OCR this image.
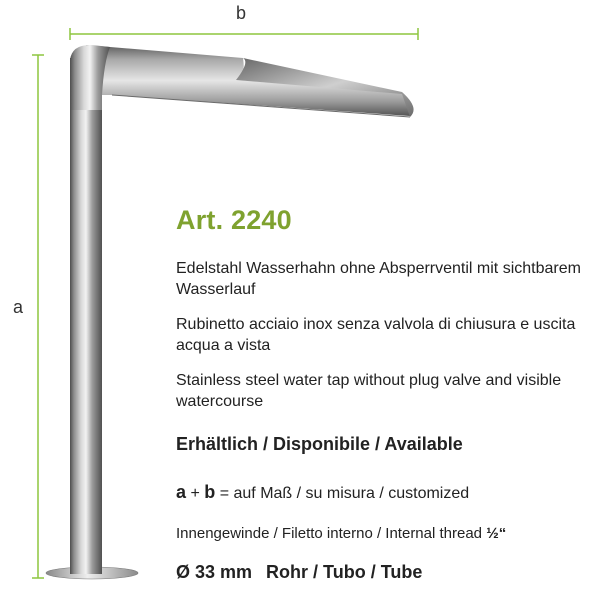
a
b
Art. 2240

Edelstahl Wasserhahn ohne Absperrventil mit sichtbarem Wasserlauf

Rubinetto acciaio inox senza valvola di chiusura e uscita acqua a vista

Stainless steel water tap without plug valve and visible watercourse

Erhältlich / Disponibile / Available
a + b = auf Maß / su misura / customized
Innengewinde / Filetto interno / Internal thread ½“
Ø 33 mm Rohr / Tubo / Tube
